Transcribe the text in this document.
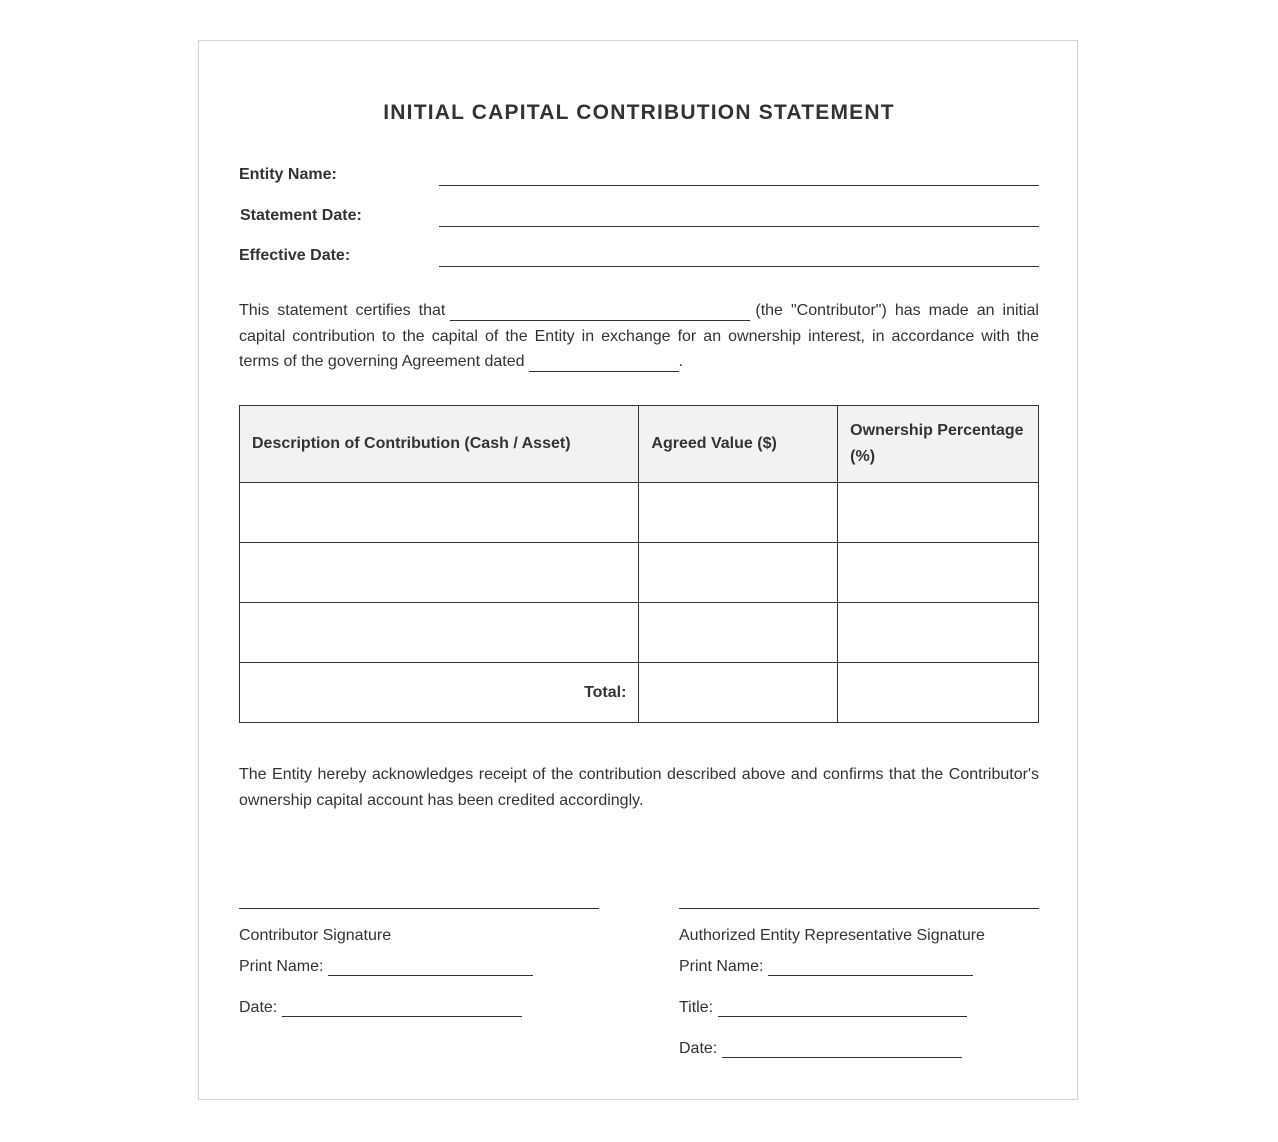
INITIAL CAPITAL CONTRIBUTION STATEMENT
Entity Name:
Statement Date:
Effective Date:
This statement certifies that	(the "Contributor") has made an initial capital contribution to the capital of the Entity in exchange for an ownership interest, in accordance with the terms of the governing Agreement dated	.
Description of Contribution (Cash / Asset)	Agreed Value ($)	Ownership Percentage (%)

Total:		
The Entity hereby acknowledges receipt of the contribution described above and confirms that the Contributor's ownership capital account has been credited accordingly.
Contributor Signature
Print Name:
Date:
Authorized Entity Representative Signature
Print Name:
Title:
Date:
